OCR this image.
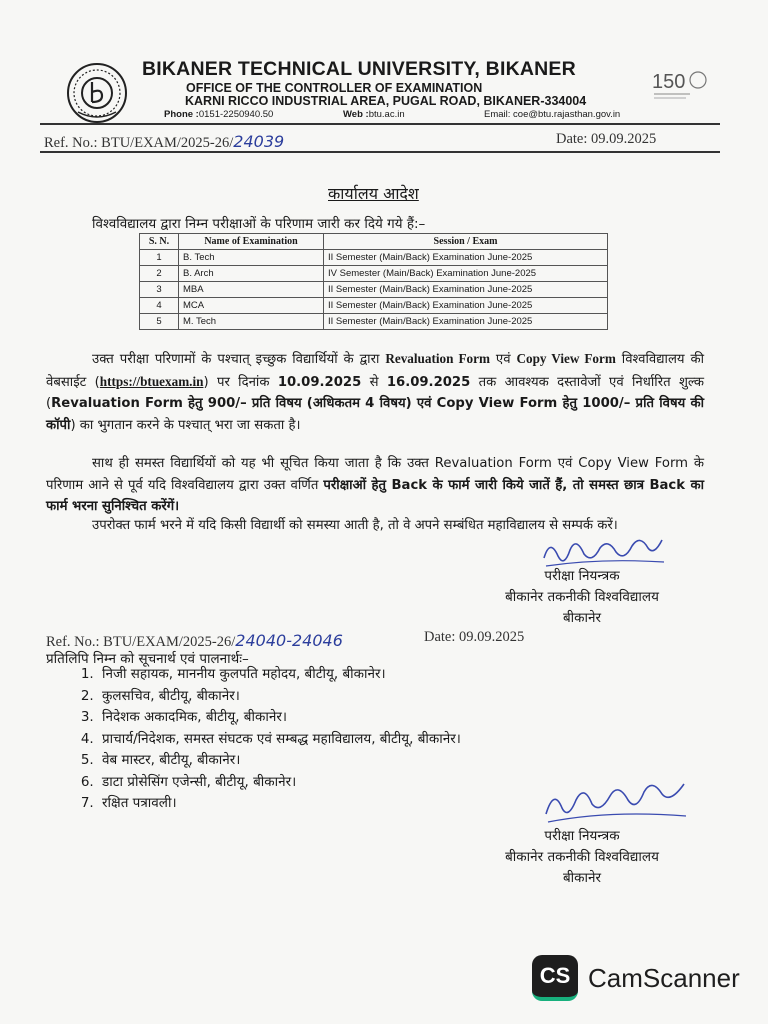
BIKANER TECHNICAL UNIVERSITY, BIKANER
OFFICE OF THE CONTROLLER OF EXAMINATION
KARNI RICCO INDUSTRIAL AREA, PUGAL ROAD, BIKANER-334004
Phone :0151-2250940.50	Web :btu.ac.in	Email: coe@btu.rajasthan.gov.in
150
Ref. No.: BTU/EXAM/2025-26/24039	Date: 09.09.2025
कार्यालय आदेश
विश्वविद्यालय द्वारा निम्न परीक्षाओं के परिणाम जारी कर दिये गये हैं:–
S. N.	Name of Examination	Session / Exam
1	B. Tech	II Semester (Main/Back) Examination June-2025
2	B. Arch	IV Semester (Main/Back) Examination June-2025
3	MBA	II Semester (Main/Back) Examination June-2025
4	MCA	II Semester (Main/Back) Examination June-2025
5	M. Tech	II Semester (Main/Back) Examination June-2025
उक्त परीक्षा परिणामों के पश्चात् इच्छुक विद्यार्थियों के द्वारा Revaluation Form एवं Copy View Form विश्वविद्यालय की वेबसाईट (https://btuexam.in) पर दिनांक 10.09.2025 से 16.09.2025 तक आवश्यक दस्तावेजों एवं निर्धारित शुल्क (Revaluation Form हेतु 900/– प्रति विषय (अधिकतम 4 विषय) एवं Copy View Form हेतु 1000/– प्रति विषय की कॉपी) का भुगतान करने के पश्चात् भरा जा सकता है।
साथ ही समस्त विद्यार्थियों को यह भी सूचित किया जाता है कि उक्त Revaluation Form एवं Copy View Form के परिणाम आने से पूर्व यदि विश्वविद्यालय द्वारा उक्त वर्णित परीक्षाओं हेतु Back के फार्म जारी किये जातें हैं, तो समस्त छात्र Back का फार्म भरना सुनिश्चित करेंगें।
उपरोक्त फार्म भरने में यदि किसी विद्यार्थी को समस्या आती है, तो वे अपने सम्बंधित महाविद्यालय से सम्पर्क करें।
परीक्षा नियन्त्रक
बीकानेर तकनीकी विश्वविद्यालय
बीकानेर
Ref. No.: BTU/EXAM/2025-26/24040-24046	Date: 09.09.2025
प्रतिलिपि निम्न को सूचनार्थ एवं पालनार्थः–
1. निजी सहायक, माननीय कुलपति महोदय, बीटीयू, बीकानेर।
2. कुलसचिव, बीटीयू, बीकानेर।
3. निदेशक अकादमिक, बीटीयू, बीकानेर।
4. प्राचार्य/निदेशक, समस्त संघटक एवं सम्बद्ध महाविद्यालय, बीटीयू, बीकानेर।
5. वेब मास्टर, बीटीयू, बीकानेर।
6. डाटा प्रोसेसिंग एजेन्सी, बीटीयू, बीकानेर।
7. रक्षित पत्रावली।
परीक्षा नियन्त्रक
बीकानेर तकनीकी विश्वविद्यालय
बीकानेर
CS CamScanner
